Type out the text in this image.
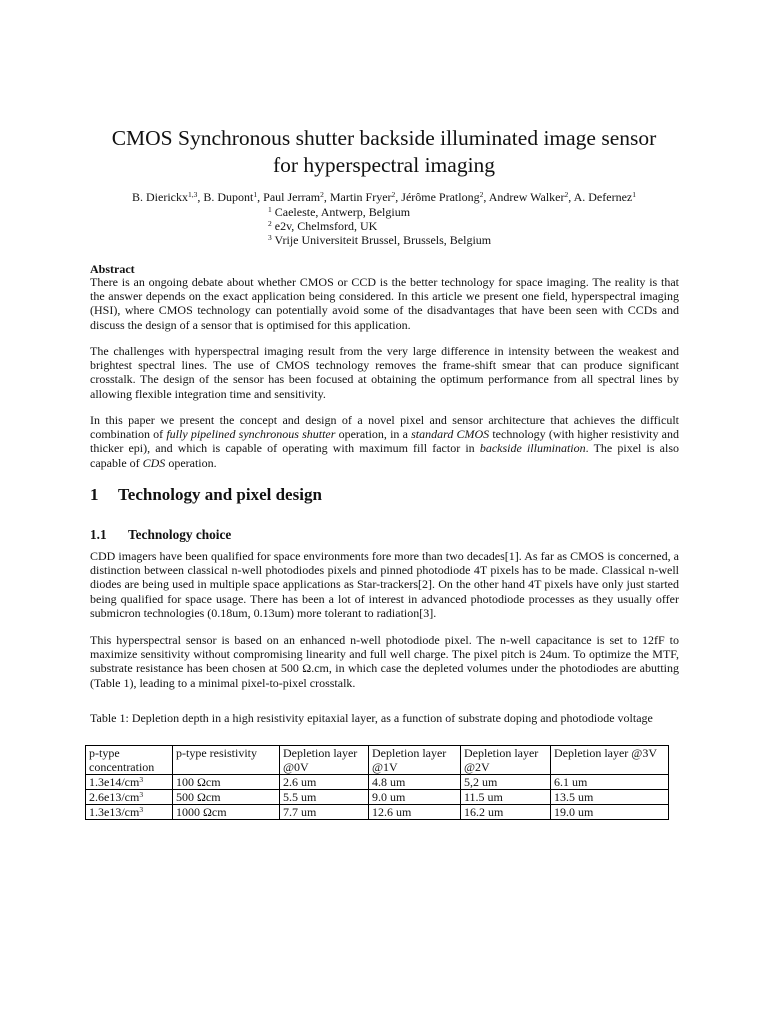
CMOS Synchronous shutter backside illuminated image sensor
for hyperspectral imaging
B. Dierickx$^{1,3}$, B. Dupont$^1$, Paul Jerram$^2$, Martin Fryer$^2$, Jérôme Pratlong$^2$, Andrew Walker$^2$, A. Defernez$^1$
$^1$ Caeleste, Antwerp, Belgium
$^2$ e2v, Chelmsford, UK
$^3$ Vrije Universiteit Brussel, Brussels, Belgium
Abstract

There is an ongoing debate about whether CMOS or CCD is the better technology for space imaging. The reality is that the answer depends on the exact application being considered. In this article we present one field, hyperspectral imaging (HSI), where CMOS technology can potentially avoid some of the disadvantages that have been seen with CCDs and discuss the design of a sensor that is optimised for this application.

The challenges with hyperspectral imaging result from the very large difference in intensity between the weakest and brightest spectral lines. The use of CMOS technology removes the frame-shift smear that can produce significant crosstalk. The design of the sensor has been focused at obtaining the optimum performance from all spectral lines by allowing flexible integration time and sensitivity.

In this paper we present the concept and design of a novel pixel and sensor architecture that achieves the difficult combination of fully pipelined synchronous shutter operation, in a standard CMOS technology (with higher resistivity and thicker epi), and which is capable of operating with maximum fill factor in backside illumination. The pixel is also capable of CDS operation.

1 Technology and pixel design
1.1 Technology choice

CDD imagers have been qualified for space environments fore more than two decades[1]. As far as CMOS is concerned, a distinction between classical n-well photodiodes pixels and pinned photodiode 4T pixels has to be made. Classical n-well diodes are being used in multiple space applications as Star-trackers[2]. On the other hand 4T pixels have only just started being qualified for space usage. There has been a lot of interest in advanced photodiode processes as they usually offer submicron technologies (0.18um, 0.13um) more tolerant to radiation[3].

This hyperspectral sensor is based on an enhanced n-well photodiode pixel. The n-well capacitance is set to 12fF to maximize sensitivity without compromising linearity and full well charge. The pixel pitch is 24um. To optimize the MTF, substrate resistance has been chosen at 500 Ω.cm, in which case the depleted volumes under the photodiodes are abutting (Table 1), leading to a minimal pixel-to-pixel crosstalk.

Table 1: Depletion depth in a high resistivity epitaxial layer, as a function of substrate doping and photodiode voltage
p-type concentration	p-type resistivity	Depletion layer @0V	Depletion layer @1V	Depletion layer @2V	Depletion layer @3V
$1.3e14/cm^3$	100 Ωcm	2.6 um	4.8 um	5,2 um	6.1 um
$2.6e13/cm^3$	500 Ωcm	5.5 um	9.0 um	11.5 um	13.5 um
$1.3e13/cm^3$	1000 Ωcm	7.7 um	12.6 um	16.2 um	19.0 um
